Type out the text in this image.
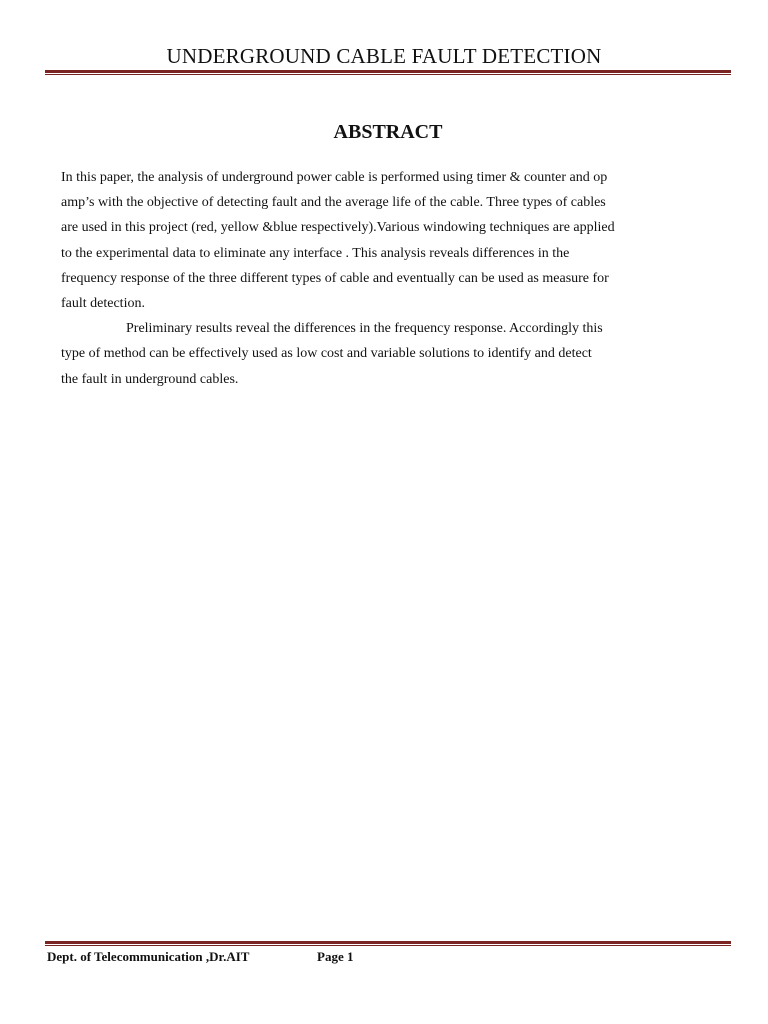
UNDERGROUND CABLE FAULT DETECTION
ABSTRACT
In this paper, the analysis of underground power cable is performed using timer & counter and op
amp’s with the objective of detecting fault and the average life of the cable. Three types of cables
are used in this project (red, yellow &blue respectively).Various windowing techniques are applied
to the experimental data to eliminate any interface . This analysis reveals differences in the
frequency response of the three different types of cable and eventually can be used as measure for
fault detection.
Preliminary results reveal the differences in the frequency response. Accordingly this
type of method can be effectively used as low cost and variable solutions to identify and detect
the fault in underground cables.
Dept. of Telecommunication ,Dr.AIT	Page 1
